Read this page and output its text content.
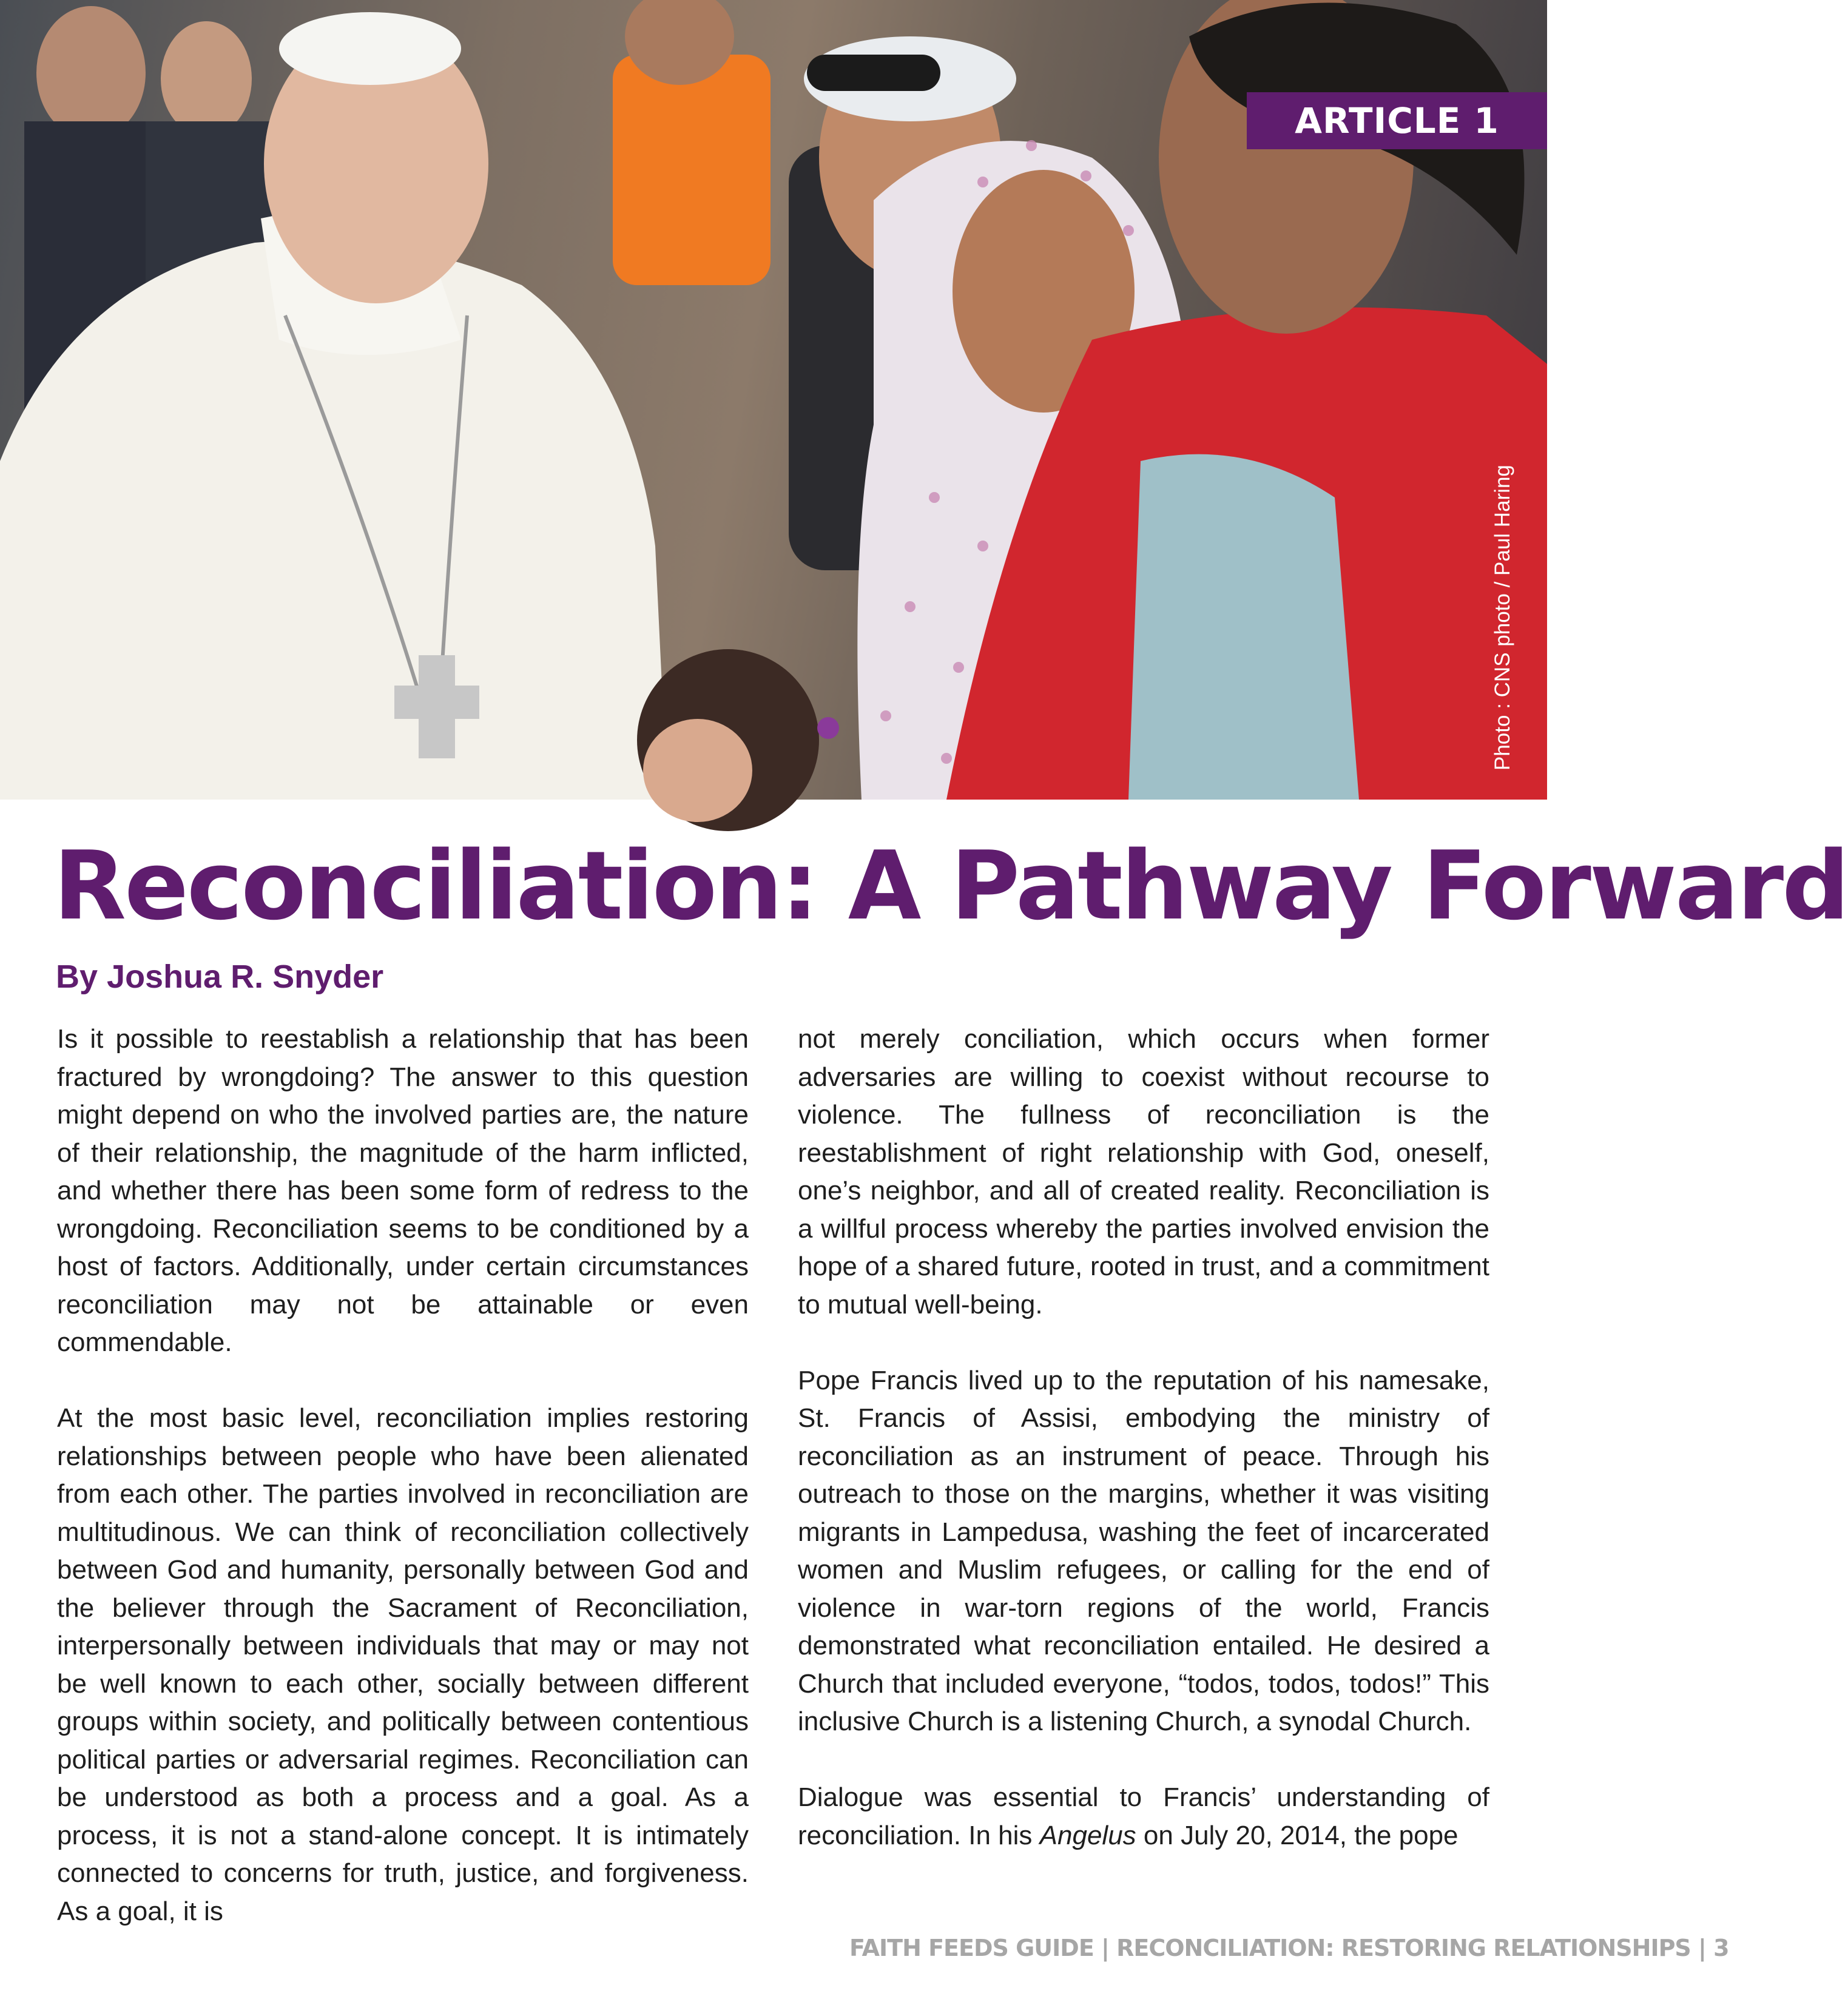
ARTICLE 1
Photo : CNS photo / Paul Haring
Reconciliation: A Pathway Forward
By Joshua R. Snyder

Is it possible to reestablish a relationship that has been fractured by wrongdoing? The answer to this question might depend on who the involved parties are, the nature of their relationship, the magnitude of the harm inflicted, and whether there has been some form of redress to the wrongdoing. Reconciliation seems to be conditioned by a host of factors. Additionally, under certain circumstances reconciliation may not be attainable or even commendable.

At the most basic level, reconciliation implies restoring relationships between people who have been alienated from each other. The parties involved in reconciliation are multitudinous. We can think of reconciliation collectively between God and humanity, personally between God and the believer through the Sacrament of Reconciliation, interpersonally between individuals that may or may not be well known to each other, socially between different groups within society, and politically between contentious political parties or adversarial regimes. Reconciliation can be understood as both a process and a goal. As a process, it is not a stand-alone concept. It is intimately connected to concerns for truth, justice, and forgiveness. As a goal, it is

not merely conciliation, which occurs when former adversaries are willing to coexist without recourse to violence. The fullness of reconciliation is the reestablishment of right relationship with God, oneself, one’s neighbor, and all of created reality. Reconciliation is a willful process whereby the parties involved envision the hope of a shared future, rooted in trust, and a commitment to mutual well-being.

Pope Francis lived up to the reputation of his namesake, St. Francis of Assisi, embodying the ministry of reconciliation as an instrument of peace. Through his outreach to those on the margins, whether it was visiting migrants in Lampedusa, washing the feet of incarcerated women and Muslim refugees, or calling for the end of violence in war-torn regions of the world, Francis demonstrated what reconciliation entailed. He desired a Church that included everyone, “todos, todos, todos!” This inclusive Church is a listening Church, a synodal Church.

Dialogue was essential to Francis’ understanding of reconciliation. In his Angelus on July 20, 2014, the pope

FAITH FEEDS GUIDE | RECONCILIATION: RESTORING RELATIONSHIPS | 3
